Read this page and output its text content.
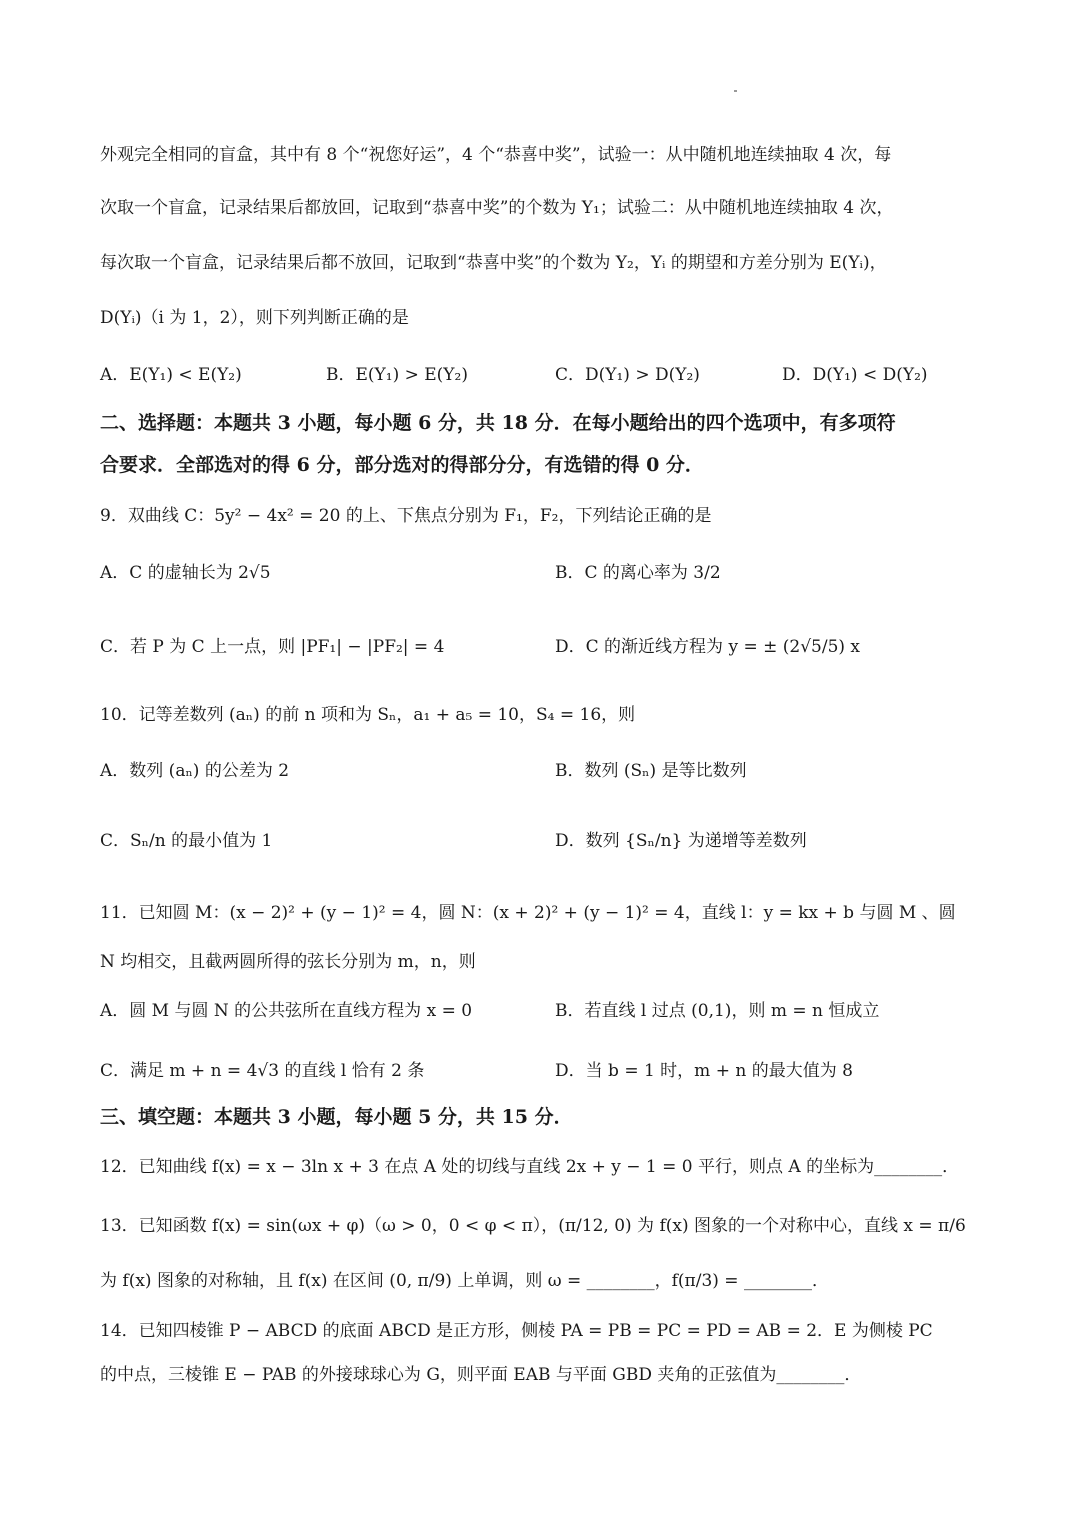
外观完全相同的盲盒，其中有 8 个“祝您好运”，4 个“恭喜中奖”，试验一：从中随机地连续抽取 4 次，每
次取一个盲盒，记录结果后都放回，记取到“恭喜中奖”的个数为 Y₁；试验二：从中随机地连续抽取 4 次，
每次取一个盲盒，记录结果后都不放回，记取到“恭喜中奖”的个数为 Y₂，Yᵢ 的期望和方差分别为 E(Yᵢ)，
D(Yᵢ)（i 为 1，2），则下列判断正确的是
A．E(Y₁) < E(Y₂)	B．E(Y₁) > E(Y₂)	C．D(Y₁) > D(Y₂)	D．D(Y₁) < D(Y₂)
二、选择题：本题共 3 小题，每小题 6 分，共 18 分．在每小题给出的四个选项中，有多项符
合要求．全部选对的得 6 分，部分选对的得部分分，有选错的得 0 分．
9．双曲线 C：5y² − 4x² = 20 的上、下焦点分别为 F₁，F₂，下列结论正确的是
A．C 的虚轴长为 2√5	B．C 的离心率为 3/2
C．若 P 为 C 上一点，则 |PF₁| − |PF₂| = 4	D．C 的渐近线方程为 y = ± (2√5/5) x
10．记等差数列 (aₙ) 的前 n 项和为 Sₙ，a₁ + a₅ = 10，S₄ = 16，则
A．数列 (aₙ) 的公差为 2	B．数列 (Sₙ) 是等比数列
C．Sₙ/n 的最小值为 1	D．数列 {Sₙ/n} 为递增等差数列
11．已知圆 M：(x − 2)² + (y − 1)² = 4，圆 N：(x + 2)² + (y − 1)² = 4，直线 l：y = kx + b 与圆 M 、圆
N 均相交，且截两圆所得的弦长分别为 m，n，则
A．圆 M 与圆 N 的公共弦所在直线方程为 x = 0	B．若直线 l 过点 (0,1)，则 m = n 恒成立
C．满足 m + n = 4√3 的直线 l 恰有 2 条	D．当 b = 1 时，m + n 的最大值为 8
三、填空题：本题共 3 小题，每小题 5 分，共 15 分．
12．已知曲线 f(x) = x − 3ln x + 3 在点 A 处的切线与直线 2x + y − 1 = 0 平行，则点 A 的坐标为________．
13．已知函数 f(x) = sin(ωx + φ)（ω > 0，0 < φ < π），(π/12, 0) 为 f(x) 图象的一个对称中心，直线 x = π/6
为 f(x) 图象的对称轴，且 f(x) 在区间 (0, π/9) 上单调，则 ω = ________，f(π/3) = ________．
14．已知四棱锥 P − ABCD 的底面 ABCD 是正方形，侧棱 PA = PB = PC = PD = AB = 2．E 为侧棱 PC
的中点，三棱锥 E − PAB 的外接球球心为 G，则平面 EAB 与平面 GBD 夹角的正弦值为________．
